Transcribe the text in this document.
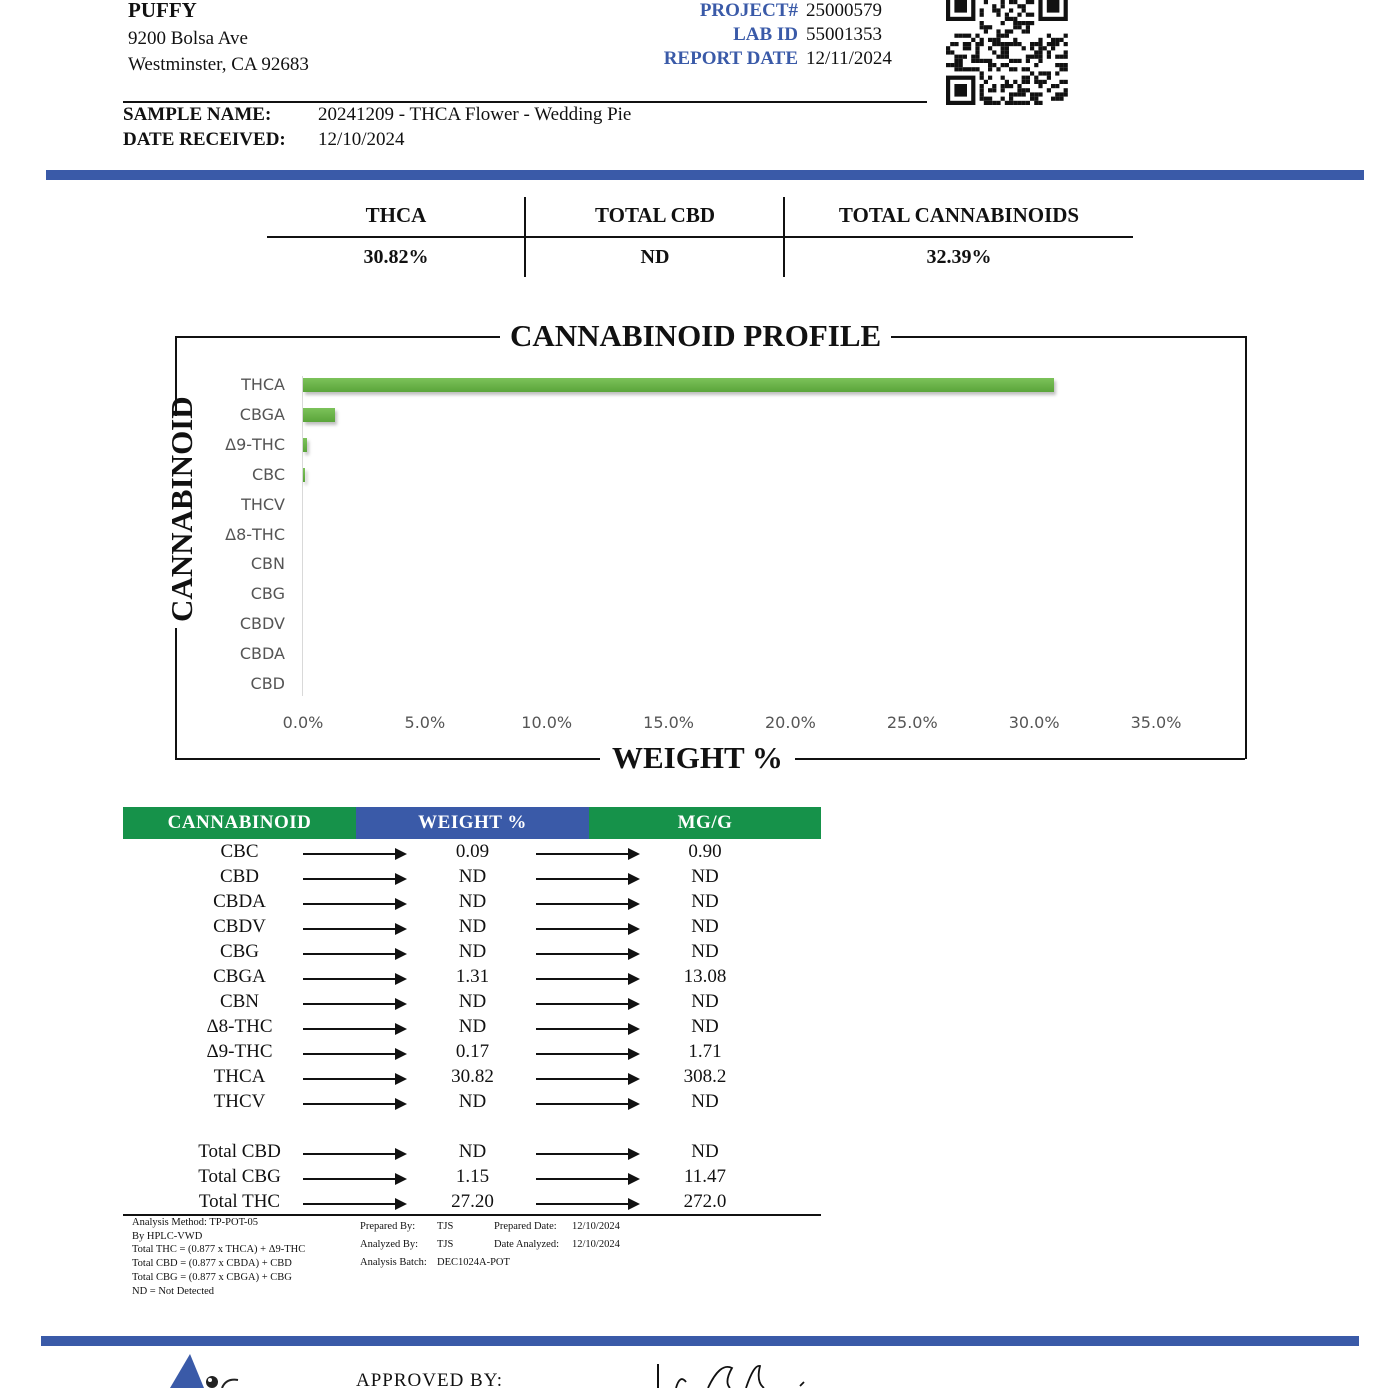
PUFFY
9200 Bolsa Ave
Westminster, CA 92683
PROJECT# 25000579
LAB ID 55001353
REPORT DATE 12/11/2024
SAMPLE NAME: 20241209 - THCA Flower - Wedding Pie
DATE RECEIVED: 12/10/2024
THCA	TOTAL CBD	TOTAL CANNABINOIDS
30.82%	ND	32.39%
CANNABINOID PROFILE
CANNABINOID
WEIGHT %
THCA
CBGA
Δ9-THC
CBC
THCV
Δ8-THC
CBN
CBG
CBDV
CBDA
CBD
0.0%	5.0%	10.0%	15.0%	20.0%	25.0%	30.0%	35.0%
CANNABINOID	WEIGHT %	MG/G
CBC	0.09	0.90
CBD	ND	ND
CBDA	ND	ND
CBDV	ND	ND
CBG	ND	ND
CBGA	1.31	13.08
CBN	ND	ND
Δ8-THC	ND	ND
Δ9-THC	0.17	1.71
THCA	30.82	308.2
THCV	ND	ND
Total CBD	ND	ND
Total CBG	1.15	11.47
Total THC	27.20	272.0
Analysis Method: TP-POT-05
By HPLC-VWD
Total THC = (0.877 x THCA) + Δ9-THC
Total CBD = (0.877 x CBDA) + CBD
Total CBG = (0.877 x CBGA) + CBG
ND = Not Detected
Prepared By: TJS
Analyzed By: TJS
Analysis Batch: DEC1024A-POT
Prepared Date: 12/10/2024
Date Analyzed: 12/10/2024
APPROVED BY:
